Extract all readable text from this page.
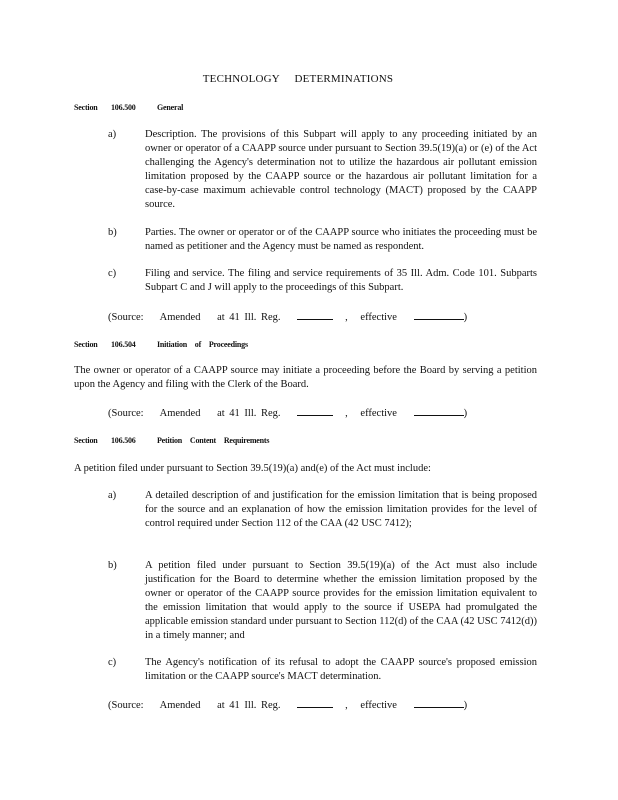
TECHNOLOGY DETERMINATIONS
Section 106.500	General
a)	Description. The provisions of this Subpart will apply to any proceeding initiated by an owner or operator of a CAAPP source under pursuant to Section 39.5(19)(a) or (e) of the Act challenging the Agency's determination not to utilize the hazardous air pollutant emission limitation proposed by the CAAPP source or the hazardous air pollutant limitation for a case-by-case maximum achievable control technology (MACT) proposed by the CAAPP source.
b)	Parties. The owner or operator or of the CAAPP source who initiates the proceeding must be named as petitioner and the Agency must be named as respondent.
c)	Filing and service. The filing and service requirements of 35 Ill. Adm. Code 101. Subparts Subpart C and J will apply to the proceedings of this Subpart.
(Source: Amended at 41 Ill. Reg.	, effective	)
Section 106.504	Initiation of Proceedings
The owner or operator of a CAAPP source may initiate a proceeding before the Board by serving a petition upon the Agency and filing with the Clerk of the Board.
(Source: Amended at 41 Ill. Reg.	, effective	)
Section 106.506	Petition Content Requirements
A petition filed under pursuant to Section 39.5(19)(a) and(e) of the Act must include:
a)	A detailed description of and justification for the emission limitation that is being proposed for the source and an explanation of how the emission limitation provides for the level of control required under Section 112 of the CAA (42 USC 7412);
b)	A petition filed under pursuant to Section 39.5(19)(a) of the Act must also include justification for the Board to determine whether the emission limitation proposed by the owner or operator of the CAAPP source provides for the emission limitation equivalent to the emission limitation that would apply to the source if USEPA had promulgated the applicable emission standard under pursuant to Section 112(d) of the CAA (42 USC 7412(d)) in a timely manner; and
c)	The Agency's notification of its refusal to adopt the CAAPP source's proposed emission limitation or the CAAPP source's MACT determination.
(Source: Amended at 41 Ill. Reg.	, effective	)
